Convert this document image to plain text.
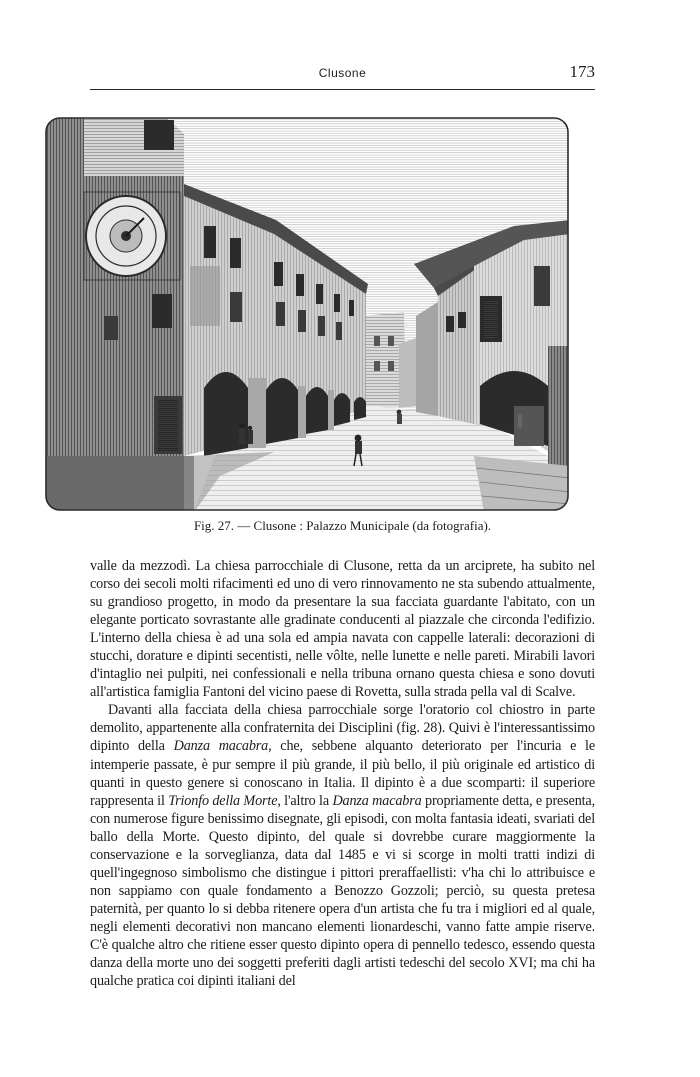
Clusone	173
Fig. 27. — Clusone : Palazzo Municipale (da fotografia).

valle da mezzodì. La chiesa parrocchiale di Clusone, retta da un arciprete, ha subito nel corso dei secoli molti rifacimenti ed uno di vero rinnovamento ne sta subendo attualmente, su grandioso progetto, in modo da presentare la sua facciata guardante l'abitato, con un elegante porticato sovrastante alle gradinate conducenti al piazzale che circonda l'edifizio. L'interno della chiesa è ad una sola ed ampia navata con cappelle laterali: decorazioni di stucchi, dorature e dipinti secentisti, nelle vôlte, nelle lunette e nelle pareti. Mirabili lavori d'intaglio nei pulpiti, nei confessionali e nella tribuna ornano questa chiesa e sono dovuti all'artistica famiglia Fantoni del vicino paese di Rovetta, sulla strada pella val di Scalve.

Davanti alla facciata della chiesa parrocchiale sorge l'oratorio col chiostro in parte demolito, appartenente alla confraternita dei Disciplini (fig. 28). Quivi è l'interessantissimo dipinto della Danza macabra, che, sebbene alquanto deteriorato per l'incuria e le intemperie passate, è pur sempre il più grande, il più bello, il più originale ed artistico di quanti in questo genere si conoscano in Italia. Il dipinto è a due scomparti: il superiore rappresenta il Trionfo della Morte, l'altro la Danza macabra propriamente detta, e presenta, con numerose figure benissimo disegnate, gli episodi, con molta fantasia ideati, svariati del ballo della Morte. Questo dipinto, del quale si dovrebbe curare maggiormente la conservazione e la sorveglianza, data dal 1485 e vi si scorge in molti tratti indizi di quell'ingegnoso simbolismo che distingue i pittori preraffaellisti: v'ha chi lo attribuisce e non sappiamo con quale fondamento a Benozzo Gozzoli; perciò, su questa pretesa paternità, per quanto lo si debba ritenere opera d'un artista che fu tra i migliori ed al quale, negli elementi decorativi non mancano elementi lionardeschi, vanno fatte ampie riserve. C'è qualche altro che ritiene esser questo dipinto opera di pennello tedesco, essendo questa danza della morte uno dei soggetti preferiti dagli artisti tedeschi del secolo XVI; ma chi ha qualche pratica coi dipinti italiani del
